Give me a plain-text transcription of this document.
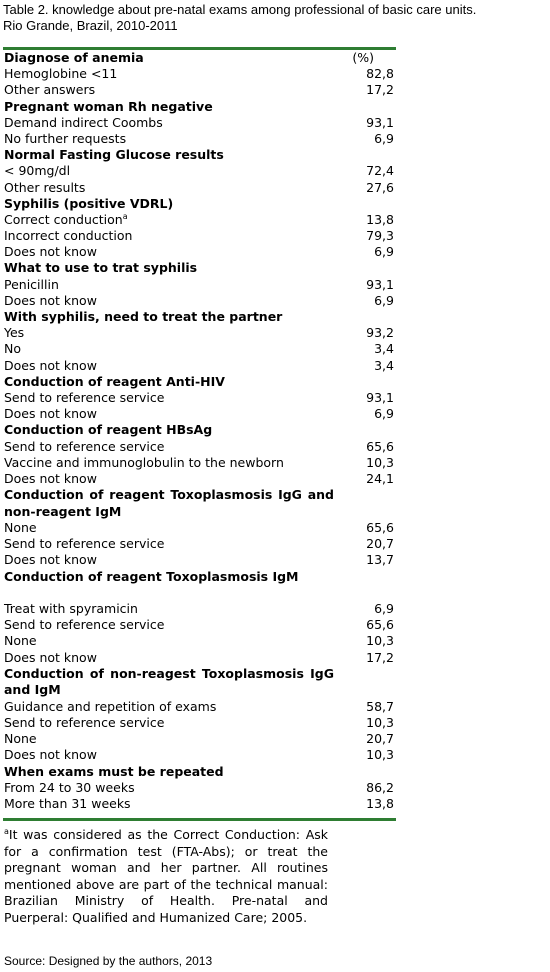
Table 2. knowledge about pre-natal exams among professional of basic care units.
Rio Grande, Brazil, 2010-2011
Diagnose of anemia	(%)
Hemoglobine <11	82,8
Other answers	17,2
Pregnant woman Rh negative
Demand indirect Coombs	93,1
No further requests	6,9
Normal Fasting Glucose results
< 90mg/dl	72,4
Other results	27,6
Syphilis (positive VDRL)
Correct conduction$^a$	13,8
Incorrect conduction	79,3
Does not know	6,9
What to use to trat syphilis
Penicillin	93,1
Does not know	6,9
With syphilis, need to treat the partner
Yes	93,2
No	3,4
Does not know	3,4
Conduction of reagent Anti-HIV
Send to reference service	93,1
Does not know	6,9
Conduction of reagent HBsAg
Send to reference service	65,6
Vaccine and immunoglobulin to the newborn	10,3
Does not know	24,1
Conduction of reagent Toxoplasmosis IgG and non-reagent IgM
None	65,6
Send to reference service	20,7
Does not know	13,7
Conduction of reagent Toxoplasmosis IgM
Treat with spyramicin	6,9
Send to reference service	65,6
None	10,3
Does not know	17,2
Conduction of non-reagest Toxoplasmosis IgG and IgM
Guidance and repetition of exams	58,7
Send to reference service	10,3
None	20,7
Does not know	10,3
When exams must be repeated
From 24 to 30 weeks	86,2
More than 31 weeks	13,8
$^a$It was considered as the Correct Conduction: Ask for a confirmation test (FTA-Abs); or treat the pregnant woman and her partner. All routines mentioned above are part of the technical manual: Brazilian Ministry of Health. Pre-natal and Puerperal: Qualified and Humanized Care; 2005.
Source: Designed by the authors, 2013
